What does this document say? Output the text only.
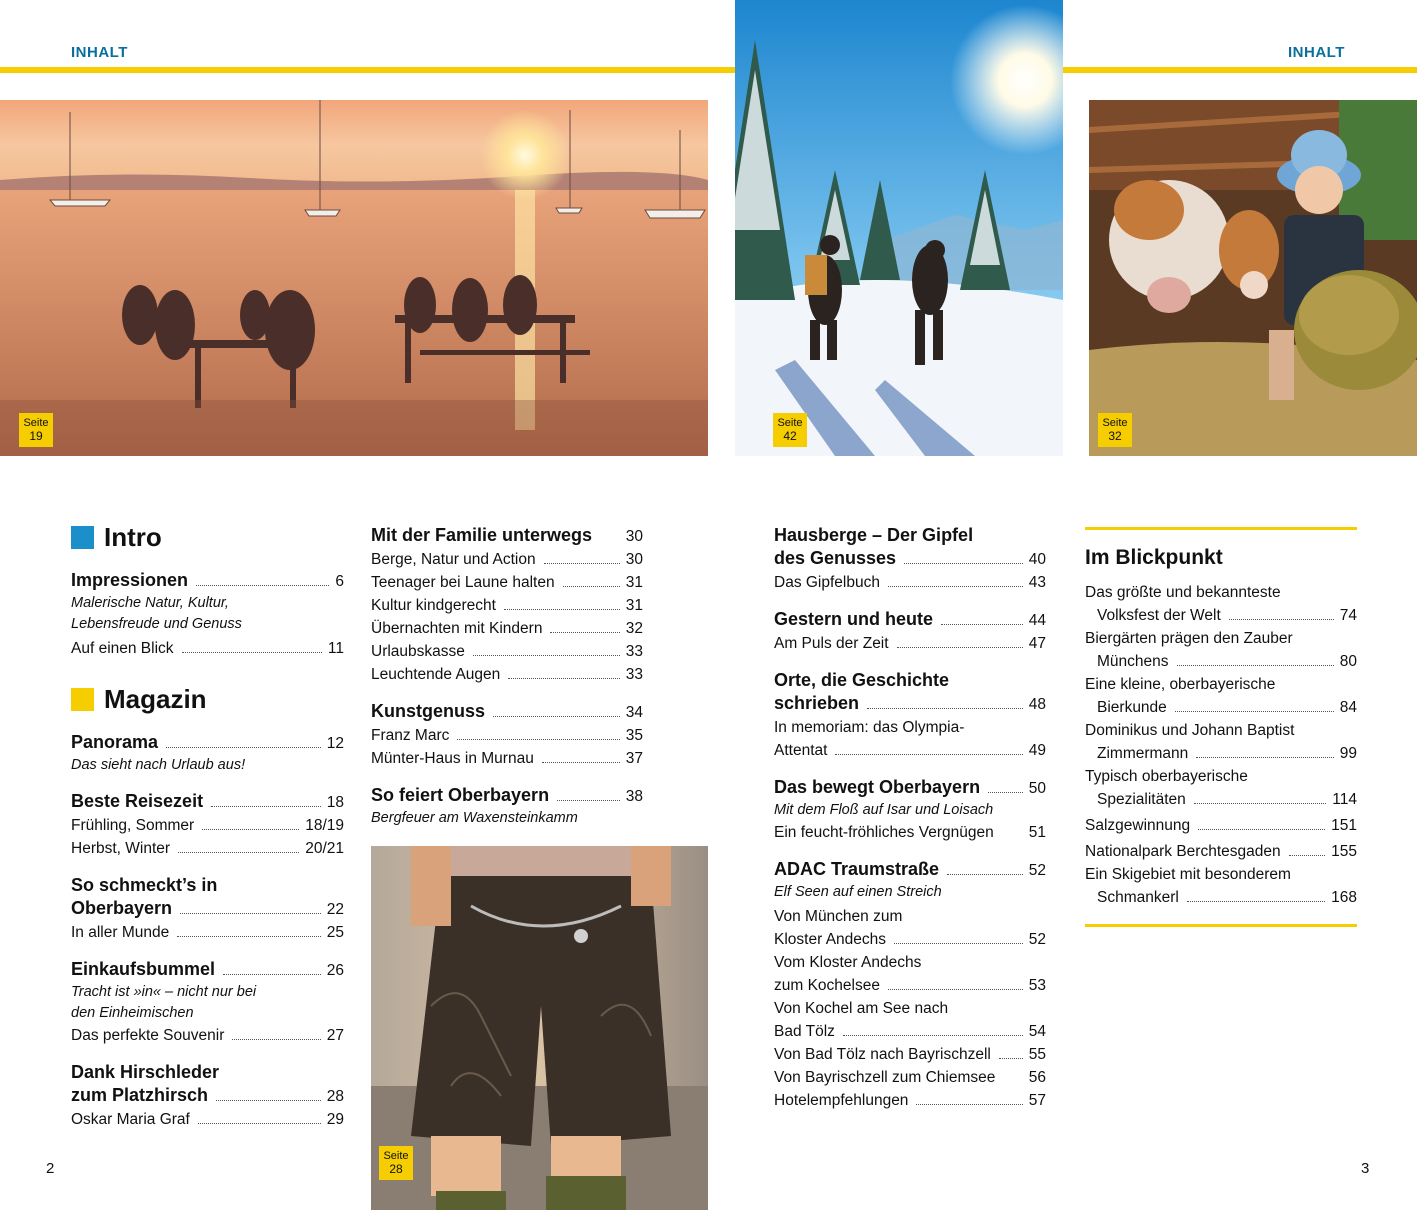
INHALT	INHALT
Seite
19
Seite
42
Seite
32
Seite
28
Intro
Impressionen	6
Malerische Natur, Kultur,
Lebensfreude und Genuss
Auf einen Blick	11
Magazin
Panorama	12
Das sieht nach Urlaub aus!
Beste Reisezeit	18
Frühling, Sommer	18/19
Herbst, Winter	20/21
So schmeckt’s in
Oberbayern	22
In aller Munde	25
Einkaufsbummel	26
Tracht ist »in« – nicht nur bei
den Einheimischen
Das perfekte Souvenir	27
Dank Hirschleder
zum Platzhirsch	28
Oskar Maria Graf	29
Mit der Familie unterwegs 30
Berge, Natur und Action	30
Teenager bei Laune halten	31
Kultur kindgerecht	31
Übernachten mit Kindern	32
Urlaubskasse	33
Leuchtende Augen	33
Kunstgenuss	34
Franz Marc	35
Münter-Haus in Murnau	37
So feiert Oberbayern	38
Bergfeuer am Waxensteinkamm
Hausberge – Der Gipfel
des Genusses	40
Das Gipfelbuch	43
Gestern und heute	44
Am Puls der Zeit	47
Orte, die Geschichte
schrieben	48
In memoriam: das Olympia-
Attentat	49
Das bewegt Oberbayern	50
Mit dem Floß auf Isar und Loisach
Ein feucht-fröhliches Vergnügen 51
ADAC Traumstraße	52
Elf Seen auf einen Streich
Von München zum
Kloster Andechs	52
Vom Kloster Andechs
zum Kochelsee	53
Von Kochel am See nach
Bad Tölz	54
Von Bad Tölz nach Bayrischzell 55
Von Bayrischzell zum Chiemsee 56
Hotelempfehlungen	57
Im Blickpunkt
Das größte und bekannteste
Volksfest der Welt	74
Biergärten prägen den Zauber
Münchens	80
Eine kleine, oberbayerische
Bierkunde	84
Dominikus und Johann Baptist
Zimmermann	99
Typisch oberbayerische
Spezialitäten	114
Salzgewinnung	151
Nationalpark Berchtesgaden	155
Ein Skigebiet mit besonderem
Schmankerl	168
2	3
